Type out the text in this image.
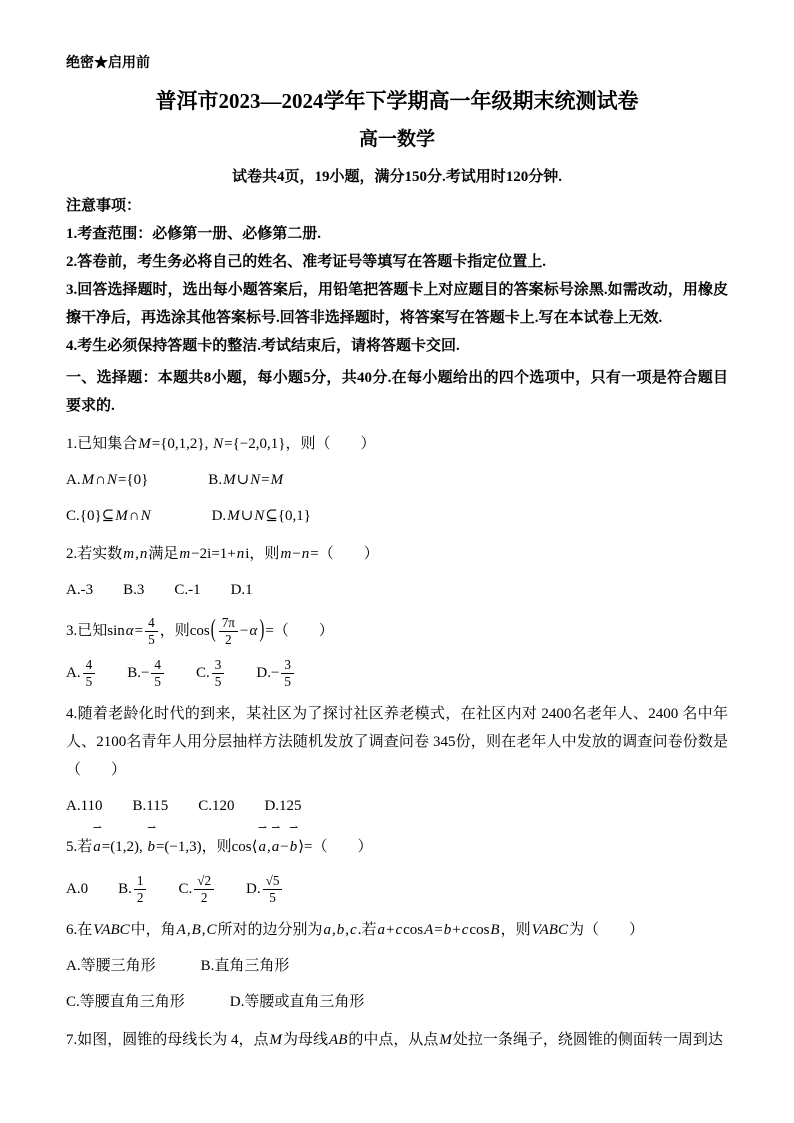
绝密★启用前
普洱市2023—2024学年下学期高一年级期末统测试卷
高一数学
试卷共4页，19小题，满分150分.考试用时120分钟.
注意事项：
1.考查范围：必修第一册、必修第二册.
2.答卷前，考生务必将自己的姓名、准考证号等填写在答题卡指定位置上.
3.回答选择题时，选出每小题答案后，用铅笔把答题卡上对应题目的答案标号涂黑.如需改动，用橡皮擦干净后，再选涂其他答案标号.回答非选择题时，将答案写在答题卡上.写在本试卷上无效.
4.考生必须保持答题卡的整洁.考试结束后，请将答题卡交回.
一、选择题：本题共8小题，每小题5分，共40分.在每小题给出的四个选项中，只有一项是符合题目要求的.
1.已知集合M={0,1,2}, N={−2,0,1}，则（　　）
A.M∩N={0}　　　　B.M∪N=M
C.{0}⊆M∩N　　　　D.M∪N⊆{0,1}
2.若实数m,n满足m−2i=1+ni，则m−n=（　　）
A.-3　　B.3　　C.-1　　D.1
3.已知$\sin\alpha= \frac{4}{5}$ ，则$\cos( \frac{7\pi}{2} -\alpha$ )=（　　）
A. $\frac{4}{5}$ 　　$B.- \frac{4}{5}$ 　　C. $\frac{3}{5}$ 　　$D.- \frac{3}{5}$
4.随着老龄化时代的到来，某社区为了探讨社区养老模式，在社区内对 2400名老年人、2400 名中年人、2100名青年人用分层抽样方法随机发放了调查问卷 345份，则在老年人中发放的调查问卷份数是（　　）
A.110　　B.115　　C.120　　D.125
5.若
⇀
a=(1,2),
⇀
b=(−1,3)，则cos⟨
⇀
a,
⇀
a−
⇀
b⟩=（　　）
A.0　　B. $\frac{1}{2}$ 　　C. $\frac{√2}{2}$ 　　D. $\frac{√5}{5}$
6.在VABC中，角A,B,C所对的边分别为a,b,c.若a+ccosA=b+ccosB，则VABC为（　　）
A.等腰三角形　　　B.直角三角形
C.等腰直角三角形　　　D.等腰或直角三角形
7.如图，圆锥的母线长为 4，点M为母线AB的中点，从点M处拉一条绳子，绕圆锥的侧面转一周到达
